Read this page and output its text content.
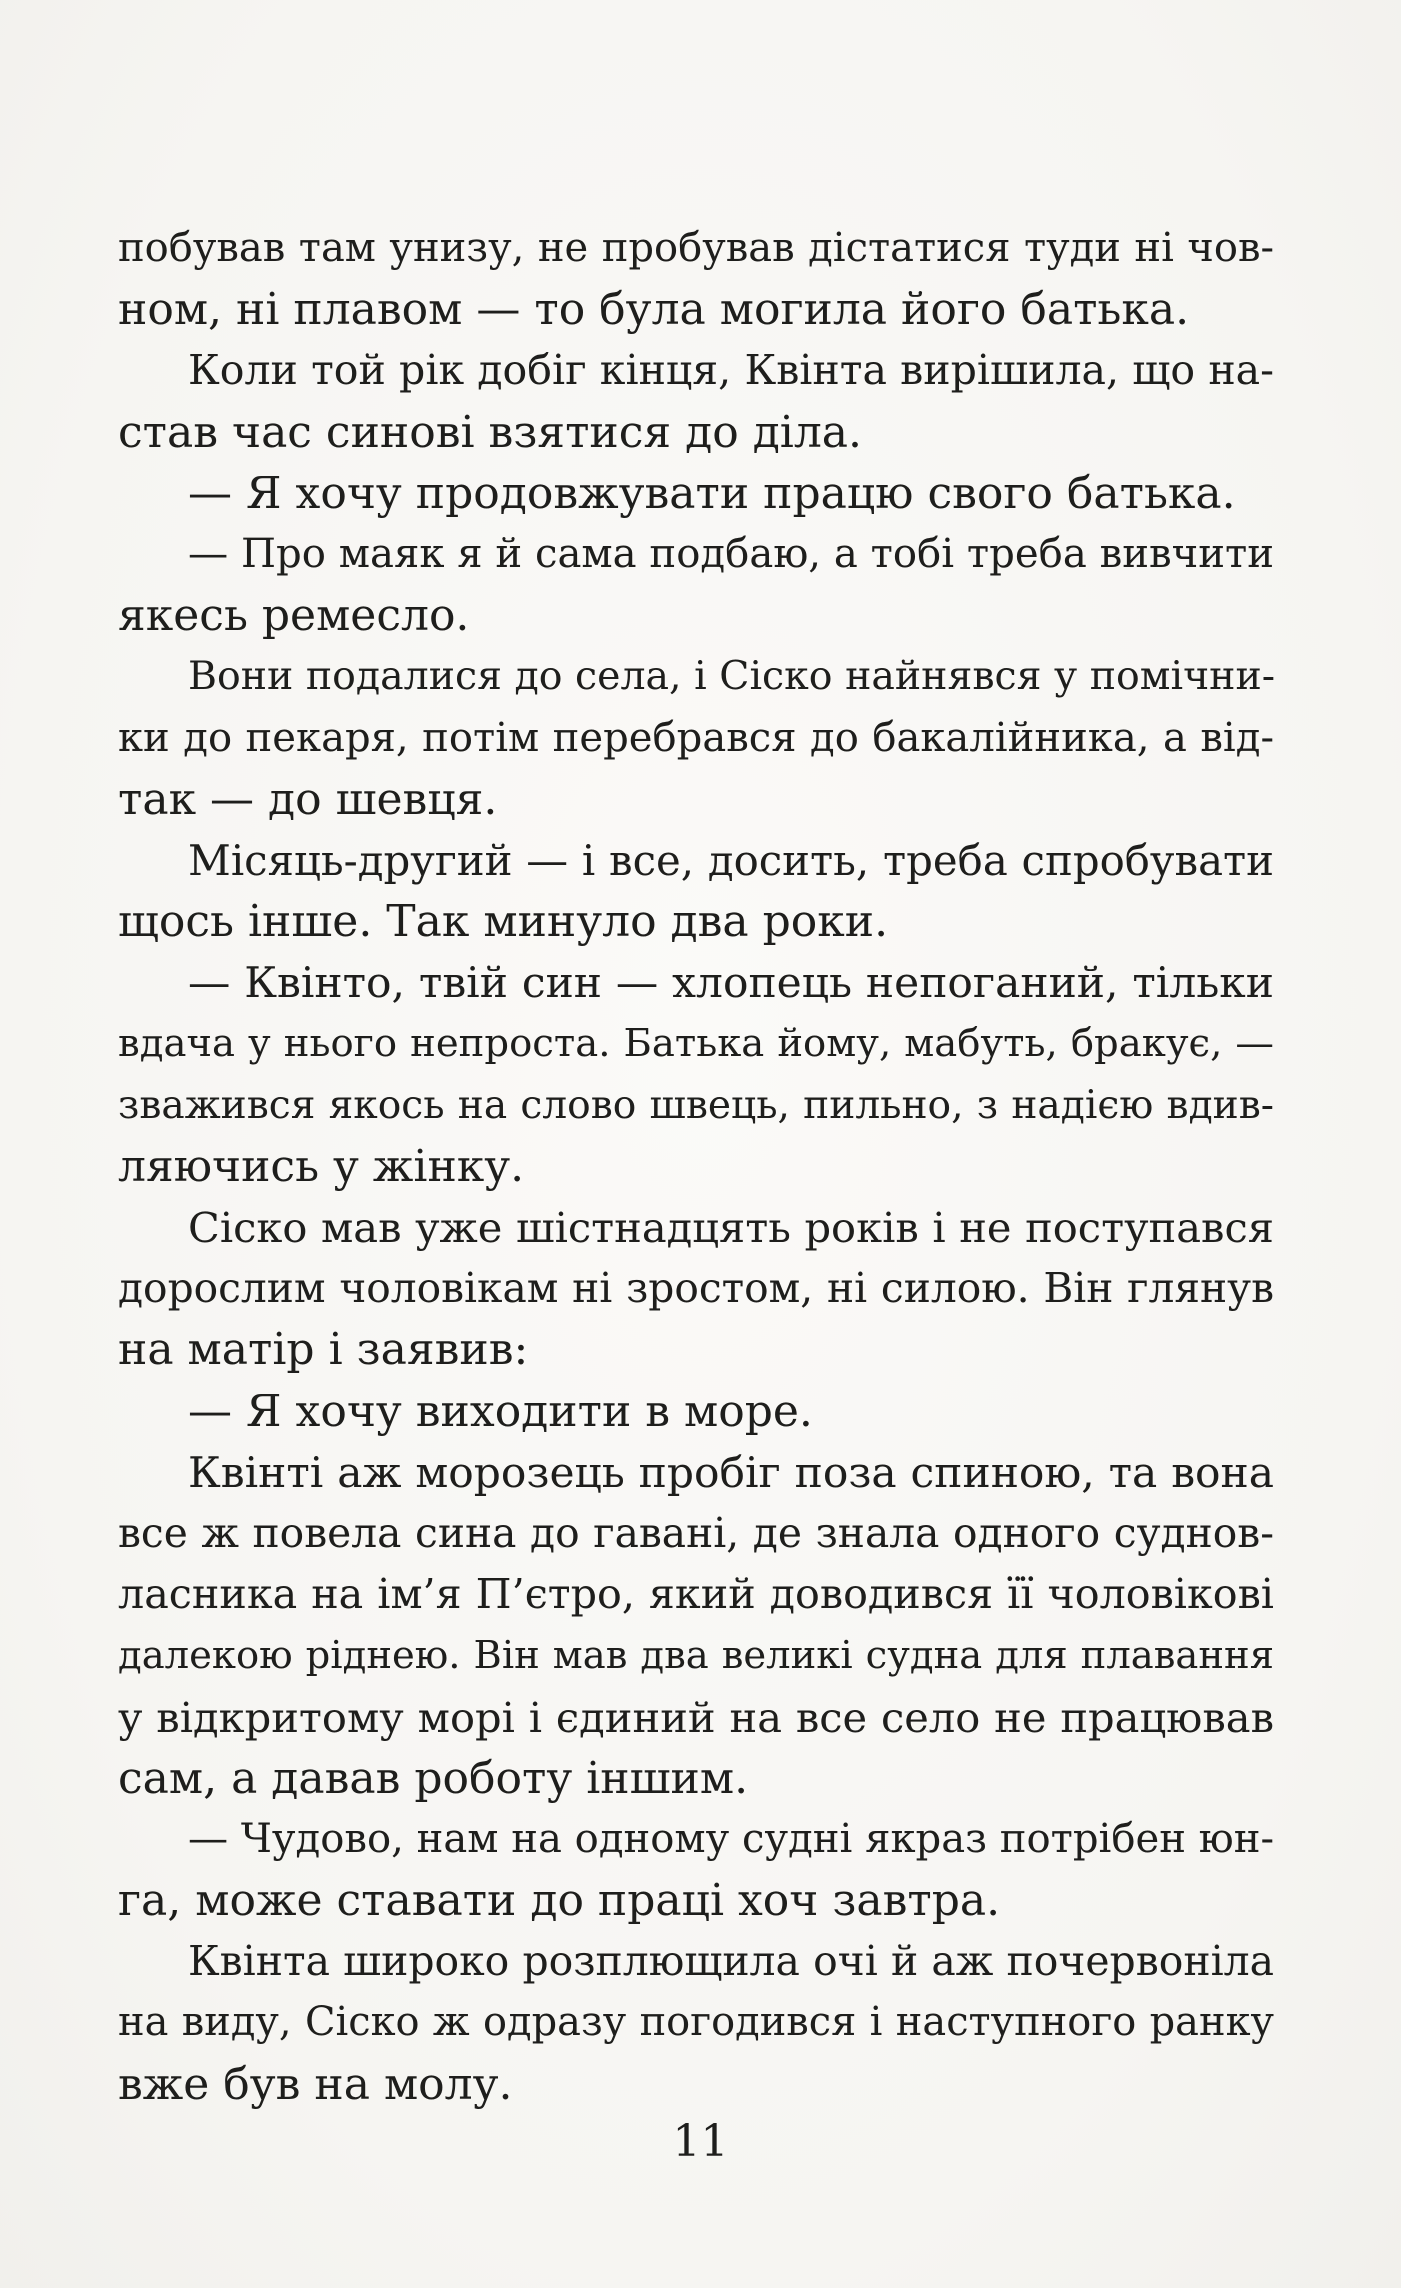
побував там унизу, не пробував дістатися туди ні чов-
ном, ні плавом — то була могила його батька.
Коли той рік добіг кінця, Квінта вирішила, що на-
став час синові взятися до діла.
— Я хочу продовжувати працю свого батька.
— Про маяк я й сама подбаю, а тобі треба вивчити
якесь ремесло.
Вони подалися до села, і Сіско найнявся у помічни-
ки до пекаря, потім перебрався до бакалійника, а від-
так — до шевця.
Місяць-другий — і все, досить, треба спробувати
щось інше. Так минуло два роки.
— Квінто, твій син — хлопець непоганий, тільки
вдача у нього непроста. Батька йому, мабуть, бракує, —
зважився якось на слово швець, пильно, з надією вдив-
ляючись у жінку.
Сіско мав уже шістнадцять років і не поступався
дорослим чоловікам ні зростом, ні силою. Він глянув
на матір і заявив:
— Я хочу виходити в море.
Квінті аж морозець пробіг поза спиною, та вона
все ж повела сина до гавані, де знала одного суднов-
ласника на ім’я П’єтро, який доводився її чоловікові
далекою ріднею. Він мав два великі судна для плавання
у відкритому морі і єдиний на все село не працював
сам, а давав роботу іншим.
— Чудово, нам на одному судні якраз потрібен юн-
га, може ставати до праці хоч завтра.
Квінта широко розплющила очі й аж почервоніла
на виду, Сіско ж одразу погодився і наступного ранку
вже був на молу.
11
